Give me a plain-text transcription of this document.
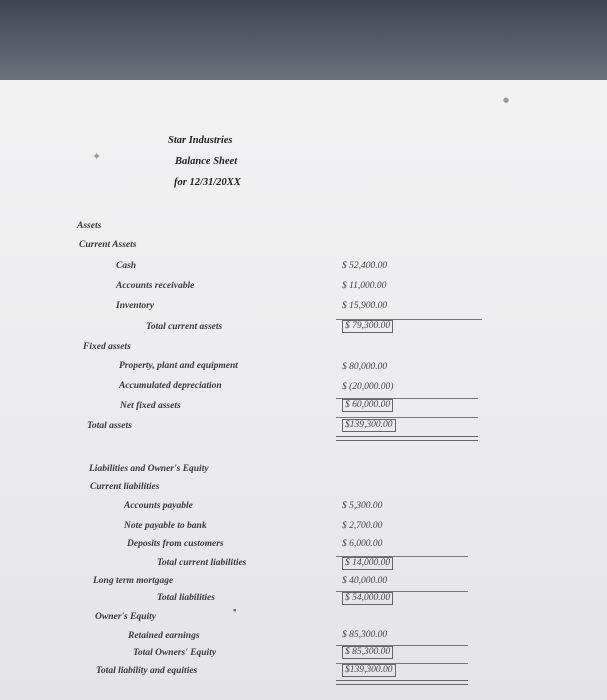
✦
●
Star Industries
Balance Sheet
for 12/31/20XX
Assets
Current Assets
Cash	$ 52,400.00
Accounts receivable	$ 11,000.00
Inventory	$ 15,900.00
Total current assets	$ 79,300.00
Fixed assets
Property, plant and equipment	$ 80,000.00
Accumulated depreciation	$ (20,000.00)
Net fixed assets	$ 60,000.00
Total assets	$139,300.00
Liabilities and Owner's Equity
Current liabilities
Accounts payable	$ 5,300.00
Note payable to bank	$ 2,700.00
Deposits from customers	$ 6,000.00
Total current liabilities	$ 14,000.00
Long term mortgage	$ 40,000.00
Total liabilities	$ 54,000.00
▪
Owner's Equity
Retained earnings	$ 85,300.00
Total Owners' Equity	$ 85,300.00
Total liability and equities	$139,300.00
